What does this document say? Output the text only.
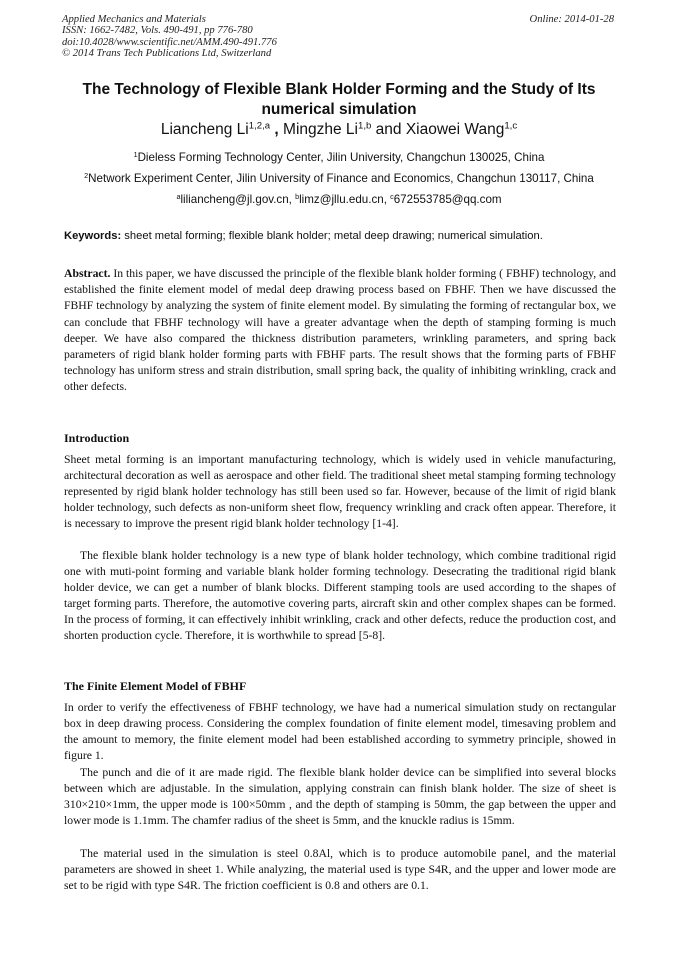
Applied Mechanics and Materials
ISSN: 1662-7482, Vols. 490-491, pp 776-780
doi:10.4028/www.scientific.net/AMM.490-491.776
© 2014 Trans Tech Publications Ltd, Switzerland
Online: 2014-01-28
The Technology of Flexible Blank Holder Forming and the Study of Its numerical simulation
Liancheng Li$^{1,2,a}$ , Mingzhe Li$^{1,b}$ and Xiaowei Wang$^{1,c}$
$^1$Dieless Forming Technology Center, Jilin University, Changchun 130025, China
$^2$Network Experiment Center, Jilin University of Finance and Economics, Changchun 130117, China
$^a$liliancheng@jl.gov.cn, $^b$limz@jllu.edu.cn, $^c$672553785@qq.com
Keywords: sheet metal forming; flexible blank holder; metal deep drawing; numerical simulation.
Abstract. In this paper, we have discussed the principle of the flexible blank holder forming ( FBHF) technology, and established the finite element model of medal deep drawing process based on FBHF. Then we have discussed the FBHF technology by analyzing the system of finite element model. By simulating the forming of rectangular box, we can conclude that FBHF technology will have a greater advantage when the depth of stamping forming is much deeper. We have also compared the thickness distribution parameters, wrinkling parameters, and spring back parameters of rigid blank holder forming parts with FBHF parts. The result shows that the forming parts of FBHF technology has uniform stress and strain distribution, small spring back, the quality of inhibiting wrinkling, crack and other defects.
Introduction

Sheet metal forming is an important manufacturing technology, which is widely used in vehicle manufacturing, architectural decoration as well as aerospace and other field. The traditional sheet metal stamping forming technology represented by rigid blank holder technology has still been used so far. However, because of the limit of rigid blank holder technology, such defects as non-uniform sheet flow, frequency wrinkling and crack often appear. Therefore, it is necessary to improve the present rigid blank holder technology [1-4].

The flexible blank holder technology is a new type of blank holder technology, which combine traditional rigid one with muti-point forming and variable blank holder forming technology. Desecrating the traditional rigid blank holder device, we can get a number of blank blocks. Different stamping tools are used according to the shapes of target forming parts. Therefore, the automotive covering parts, aircraft skin and other complex shapes can be formed. In the process of forming, it can effectively inhibit wrinkling, crack and other defects, reduce the production cost, and shorten production cycle. Therefore, it is worthwhile to spread [5-8].

The Finite Element Model of FBHF

In order to verify the effectiveness of FBHF technology, we have had a numerical simulation study on rectangular box in deep drawing process. Considering the complex foundation of finite element model, timesaving problem and the amount to memory, the finite element model had been established according to symmetry principle, showed in figure 1.

The punch and die of it are made rigid. The flexible blank holder device can be simplified into several blocks between which are adjustable. In the simulation, applying constrain can finish blank holder. The size of sheet is 310×210×1mm, the upper mode is 100×50mm , and the depth of stamping is 50mm, the gap between the upper and lower mode is 1.1mm. The chamfer radius of the sheet is 5mm, and the knuckle radius is 15mm.

The material used in the simulation is steel 0.8Al, which is to produce automobile panel, and the material parameters are showed in sheet 1. While analyzing, the material used is type S4R, and the upper and lower mode are set to be rigid with type S4R. The friction coefficient is 0.8 and others are 0.1.
